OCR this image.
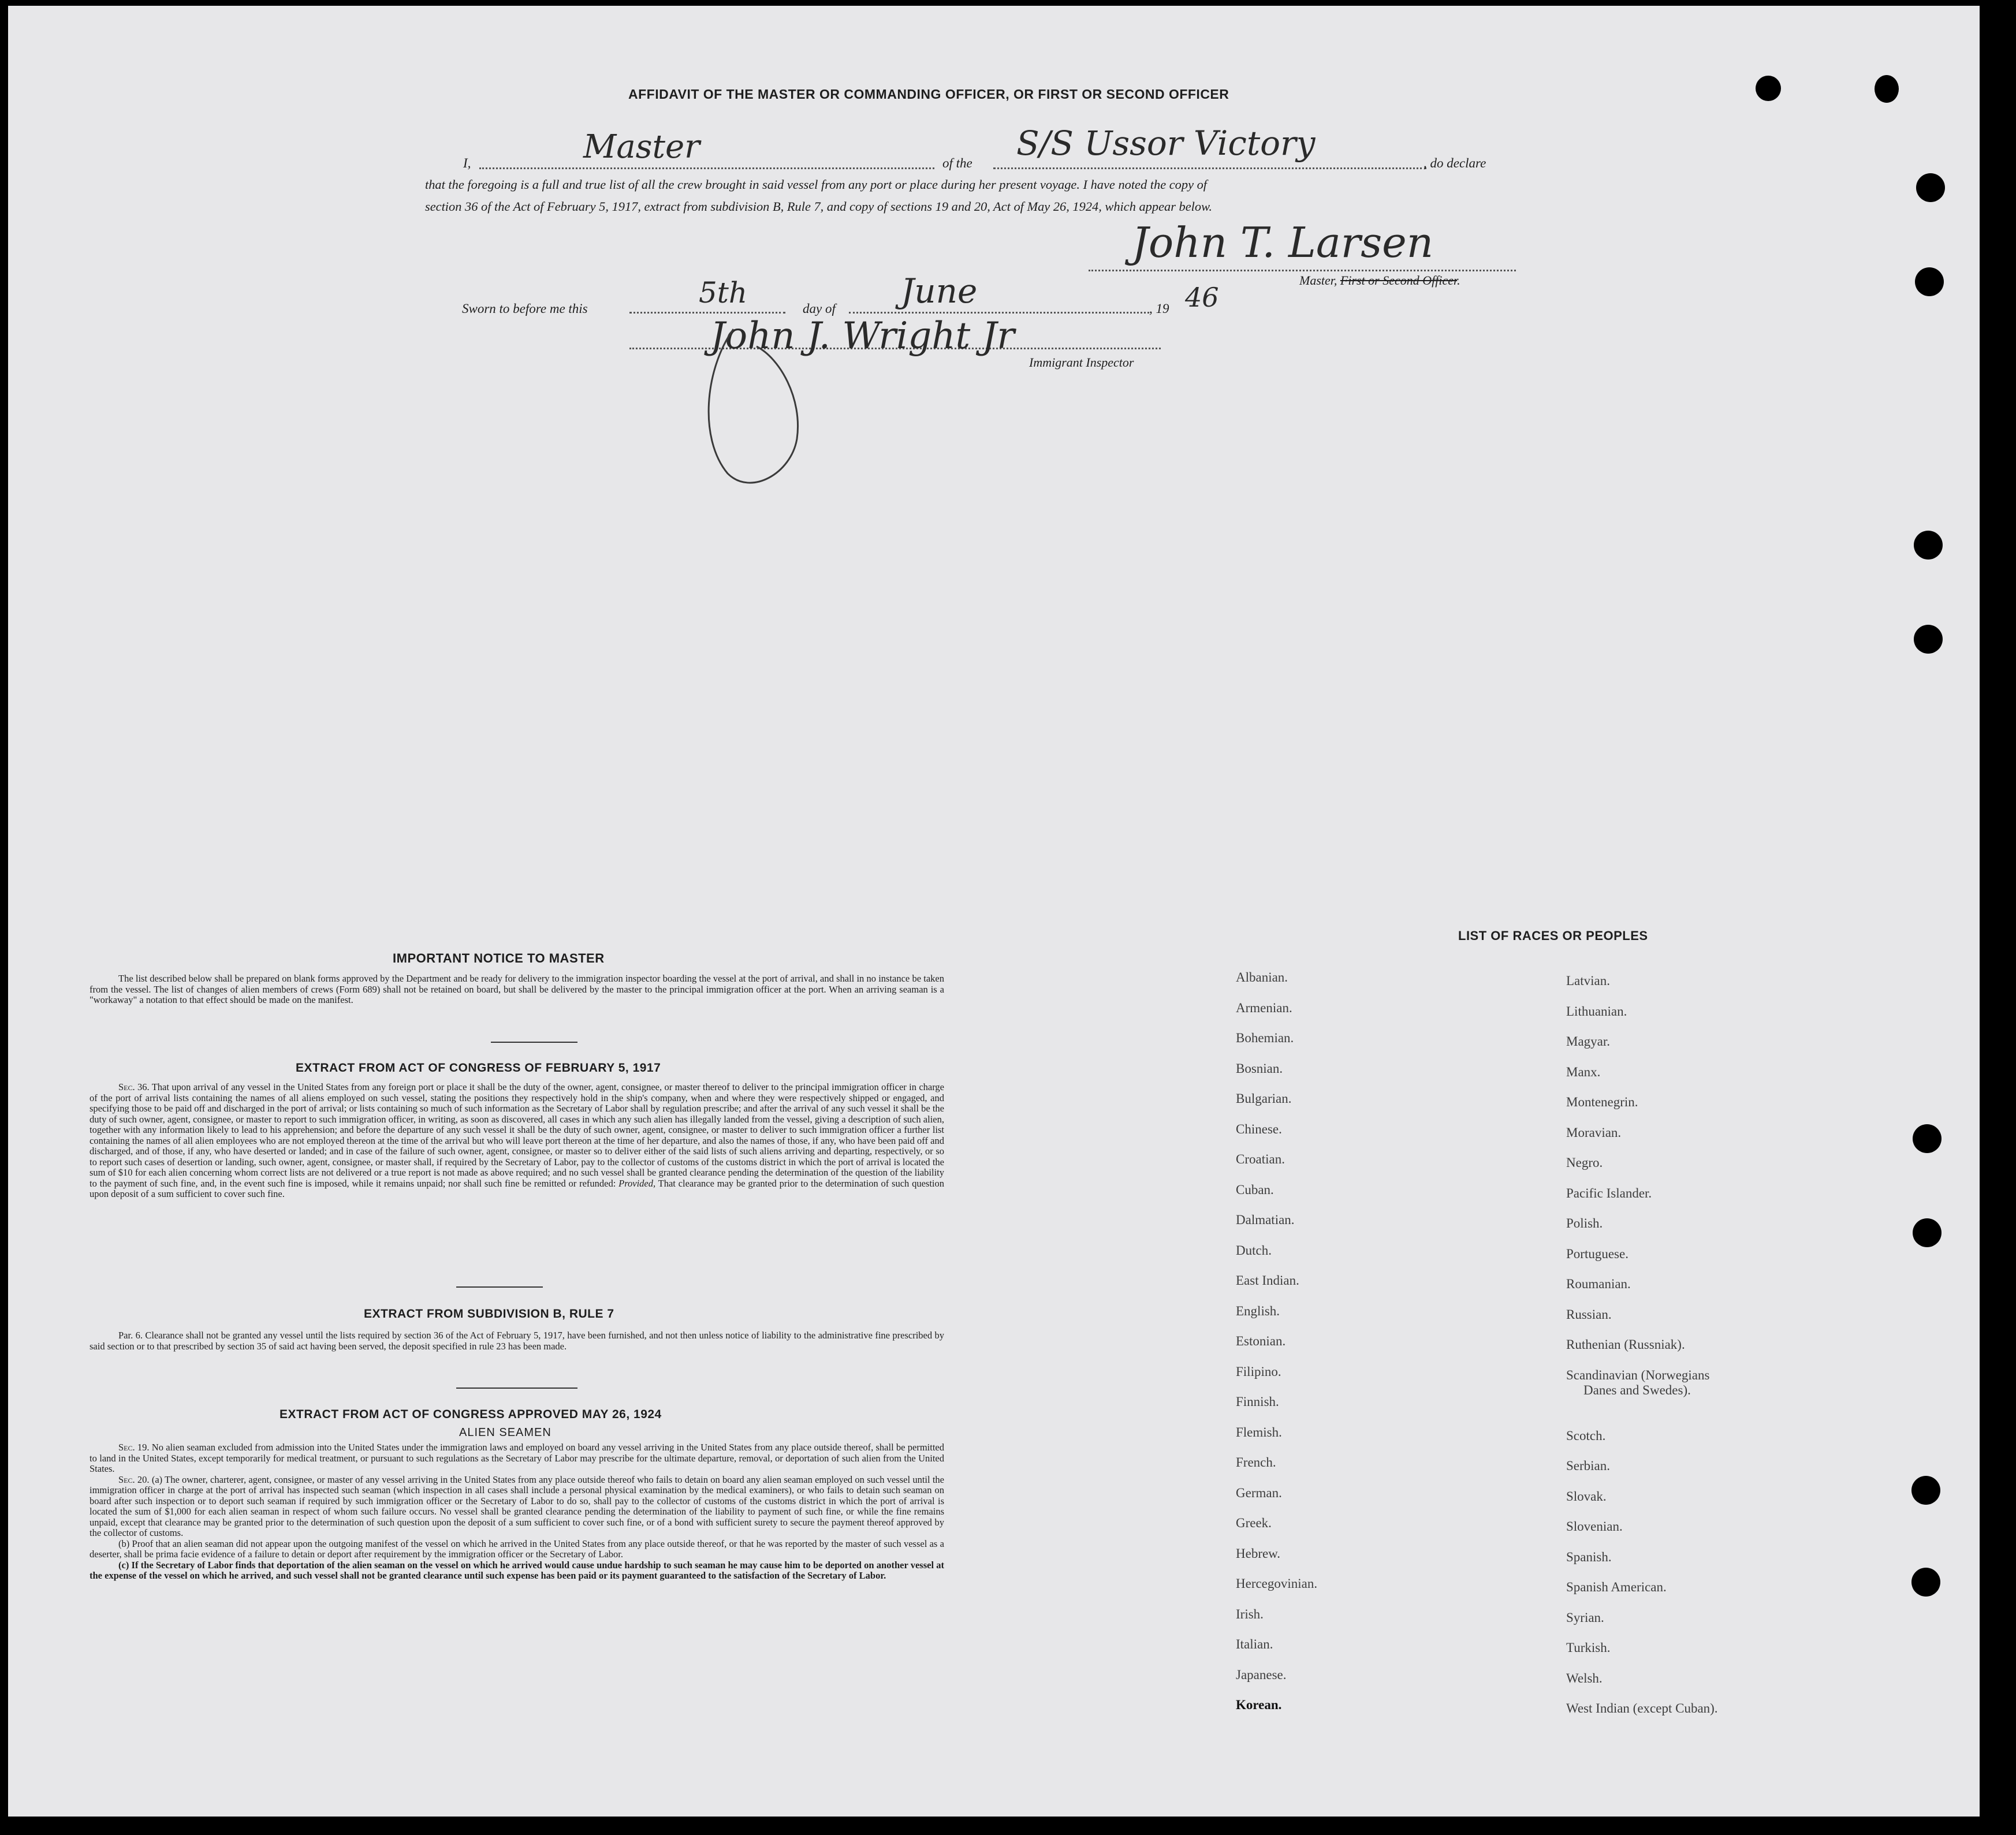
AFFIDAVIT OF THE MASTER OR COMMANDING OFFICER, OR FIRST OR SECOND OFFICER
I,	Master	of the
S/S Ussor Victory
, do declare
that the foregoing is a full and true list of all the crew brought in said vessel from any port or place during her present voyage. I have noted the copy of
section 36 of the Act of February 5, 1917, extract from subdivision B, Rule 7, and copy of sections 19 and 20, Act of May 26, 1924, which appear below.
John T. Larsen
Master, First or Second Officer.
Sworn to before me this	5th	day of June	, 19 46
John J. Wright Jr
Immigrant Inspector
IMPORTANT NOTICE TO MASTER
The list described below shall be prepared on blank forms approved by the Department and be ready for delivery to the immigration inspector boarding the vessel at the port of arrival, and shall in no instance be taken from the vessel. The list of changes of alien members of crews (Form 689) shall not be retained on board, but shall be delivered by the master to the principal immigration officer at the port. When an arriving seaman is a "workaway" a notation to that effect should be made on the manifest.
EXTRACT FROM ACT OF CONGRESS OF FEBRUARY 5, 1917
Sec. 36. That upon arrival of any vessel in the United States from any foreign port or place it shall be the duty of the owner, agent, consignee, or master thereof to deliver to the principal immigration officer in charge of the port of arrival lists containing the names of all aliens employed on such vessel, stating the positions they respectively hold in the ship's company, when and where they were respectively shipped or engaged, and specifying those to be paid off and discharged in the port of arrival; or lists containing so much of such information as the Secretary of Labor shall by regulation prescribe; and after the arrival of any such vessel it shall be the duty of such owner, agent, consignee, or master to report to such immigration officer, in writing, as soon as discovered, all cases in which any such alien has illegally landed from the vessel, giving a description of such alien, together with any information likely to lead to his apprehension; and before the departure of any such vessel it shall be the duty of such owner, agent, consignee, or master to deliver to such immigration officer a further list containing the names of all alien employees who are not employed thereon at the time of the arrival but who will leave port thereon at the time of her departure, and also the names of those, if any, who have been paid off and discharged, and of those, if any, who have deserted or landed; and in case of the failure of such owner, agent, consignee, or master so to deliver either of the said lists of such aliens arriving and departing, respectively, or so to report such cases of desertion or landing, such owner, agent, consignee, or master shall, if required by the Secretary of Labor, pay to the collector of customs of the customs district in which the port of arrival is located the sum of $10 for each alien concerning whom correct lists are not delivered or a true report is not made as above required; and no such vessel shall be granted clearance pending the determination of the question of the liability to the payment of such fine, and, in the event such fine is imposed, while it remains unpaid; nor shall such fine be remitted or refunded: Provided, That clearance may be granted prior to the determination of such question upon deposit of a sum sufficient to cover such fine.
EXTRACT FROM SUBDIVISION B, RULE 7
Par. 6. Clearance shall not be granted any vessel until the lists required by section 36 of the Act of February 5, 1917, have been furnished, and not then unless notice of liability to the administrative fine prescribed by said section or to that prescribed by section 35 of said act having been served, the deposit specified in rule 23 has been made.
EXTRACT FROM ACT OF CONGRESS APPROVED MAY 26, 1924
ALIEN SEAMEN
Sec. 19. No alien seaman excluded from admission into the United States under the immigration laws and employed on board any vessel arriving in the United States from any place outside thereof, shall be permitted to land in the United States, except temporarily for medical treatment, or pursuant to such regulations as the Secretary of Labor may prescribe for the ultimate departure, removal, or deportation of such alien from the United States.
Sec. 20. (a) The owner, charterer, agent, consignee, or master of any vessel arriving in the United States from any place outside thereof who fails to detain on board any alien seaman employed on such vessel until the immigration officer in charge at the port of arrival has inspected such seaman (which inspection in all cases shall include a personal physical examination by the medical examiners), or who fails to detain such seaman on board after such inspection or to deport such seaman if required by such immigration officer or the Secretary of Labor to do so, shall pay to the collector of customs of the customs district in which the port of arrival is located the sum of $1,000 for each alien seaman in respect of whom such failure occurs. No vessel shall be granted clearance pending the determination of the liability to payment of such fine, or while the fine remains unpaid, except that clearance may be granted prior to the determination of such question upon the deposit of a sum sufficient to cover such fine, or of a bond with sufficient surety to secure the payment thereof approved by the collector of customs.
(b) Proof that an alien seaman did not appear upon the outgoing manifest of the vessel on which he arrived in the United States from any place outside thereof, or that he was reported by the master of such vessel as a deserter, shall be prima facie evidence of a failure to detain or deport after requirement by the immigration officer or the Secretary of Labor.
(c) If the Secretary of Labor finds that deportation of the alien seaman on the vessel on which he arrived would cause undue hardship to such seaman he may cause him to be deported on another vessel at the expense of the vessel on which he arrived, and such vessel shall not be granted clearance until such expense has been paid or its payment guaranteed to the satisfaction of the Secretary of Labor.
LIST OF RACES OR PEOPLES
Albanian.
Armenian.
Bohemian.
Bosnian.
Bulgarian.
Chinese.
Croatian.
Cuban.
Dalmatian.
Dutch.
East Indian.
English.
Estonian.
Filipino.
Finnish.
Flemish.
French.
German.
Greek.
Hebrew.
Hercegovinian.
Irish.
Italian.
Japanese.
Korean.
Latvian.
Lithuanian.
Magyar.
Manx.
Montenegrin.
Moravian.
Negro.
Pacific Islander.
Polish.
Portuguese.
Roumanian.
Russian.
Ruthenian (Russniak).
Scandinavian (Norwegians
Danes and Swedes).
Scotch.
Serbian.
Slovak.
Slovenian.
Spanish.
Spanish American.
Syrian.
Turkish.
Welsh.
West Indian (except Cuban).
